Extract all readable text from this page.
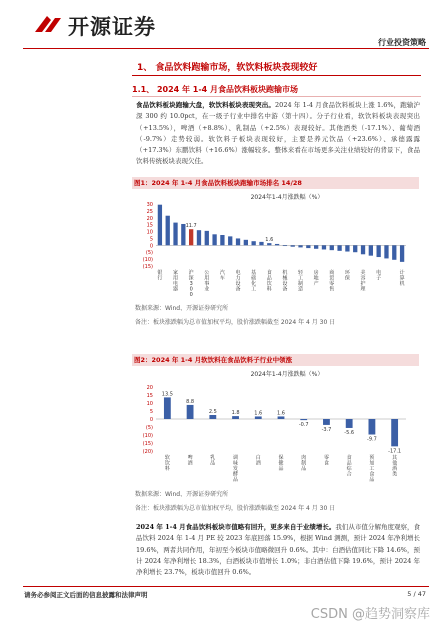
开源证券
行业投资策略
1、 食品饮料跑输市场，软饮料板块表现较好
1.1、 2024 年 1-4 月食品饮料板块跑输市场
食品饮料板块跑输大盘，软饮料板块表现突出。2024 年 1-4 月食品饮料板块上涨 1.6%，跑输沪深 300 约 10.0pct，在一级子行业中排名中游（第十四）。分子行业看，软饮料板块表现突出（+13.5%），啤酒（+8.8%）、乳制品（+2.5%）表现较好。其他酒类（-17.1%）、葡萄酒（-9.7%）走势较弱。软饮料子板块表现较好，主要是养元饮品（+23.6%）、承德露露（+17.3%）东鹏饮料（+16.6%）涨幅较多。整体来看在市场更多关注业绩较好的背景下，食品饮料传统板块表现欠佳。
图1：2024 年 1-4 月食品饮料板块跑输市场排名 14/28
2024年1-4月涨跌幅（%）
30
25
20
15
10
5
0
(5)
(10)
(15)
银行
家用电器
11.7
沪深 3 0 0
公用事业
汽车
电力设备
基础化工
1.6
食品饮料
机械设备
轻工制造
房地产
商贸零售
环保
美容护理
电子
计算机
数据来源：Wind、开源证券研究所
备注：板块涨跌幅为总市值加权平均，股价涨跌幅截至 2024 年 4 月 30 日
图2：2024 年 1-4 月软饮料在食品饮料子行业中领涨
2024年1-4月涨跌幅（%）
20
15
10
5
0
(5)
(10)
(15)
(20)
13.5
软饮料
8.8
啤酒
2.5
乳品
1.8
调味发酵品
1.6
白酒
1.6
保健品
-0.7
肉制品
-3.7
零食
-5.6
食品综合
-9.7
预加工食品
-17.1
其他酒类
数据来源：Wind、开源证券研究所
备注：板块涨跌幅为总市值加权平均，股价涨跌幅截至 2024 年 4 月 30 日
2024 年 1-4 月食品饮料板块市值略有回升，更多来自于业绩增长。我们从市值分解角度观察，食品饮料 2024 年 1-4 月 PE 较 2023 年底回落 15.9%，根据 Wind 测测，预计 2024 年净利增长 19.6%，两者共同作用，年初至今板块市值略微回升 0.6%。其中：白酒估值同比下降 14.6%，预计 2024 年净利增长 18.3%，白酒板块市值增长 1.0%；非白酒估值下降 19.6%，预计 2024 年净利增长 23.7%，板块市值回升 0.6%。
请务必参阅正文后面的信息披露和法律声明	5 / 47
CSDN @趋势洞察库
